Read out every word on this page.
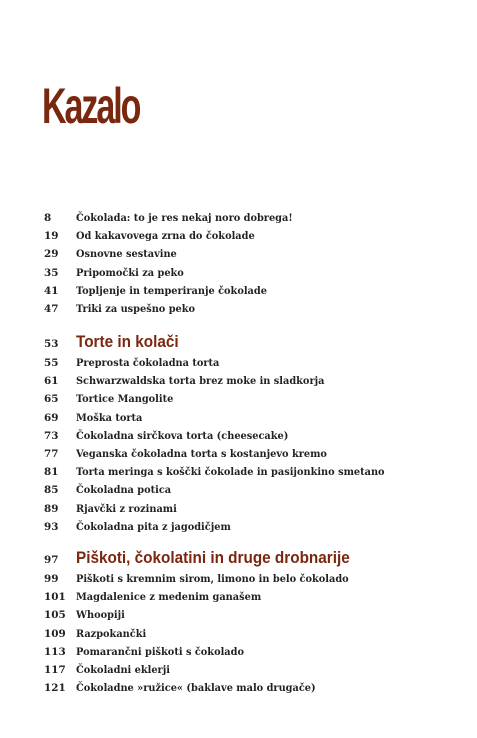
Kazalo
8 Čokolada: to je res nekaj noro dobrega!
19 Od kakavovega zrna do čokolade
29 Osnovne sestavine
35 Pripomočki za peko
41 Topljenje in temperiranje čokolade
47 Triki za uspešno peko
53 Torte in kolači
55 Preprosta čokoladna torta
61 Schwarzwaldska torta brez moke in sladkorja
65 Tortice Mangolite
69 Moška torta
73 Čokoladna sirčkova torta (cheesecake)
77 Veganska čokoladna torta s kostanjevo kremo
81 Torta meringa s koščki čokolade in pasijonkino smetano
85 Čokoladna potica
89 Rjavčki z rozinami
93 Čokoladna pita z jagodičjem
97 Piškoti, čokolatini in druge drobnarije
99 Piškoti s kremnim sirom, limono in belo čokolado
101 Magdalenice z medenim ganašem
105 Whoopiji
109 Razpokančki
113 Pomarančni piškoti s čokolado
117 Čokoladni eklerji
121 Čokoladne »ružice« (baklave malo drugače)
